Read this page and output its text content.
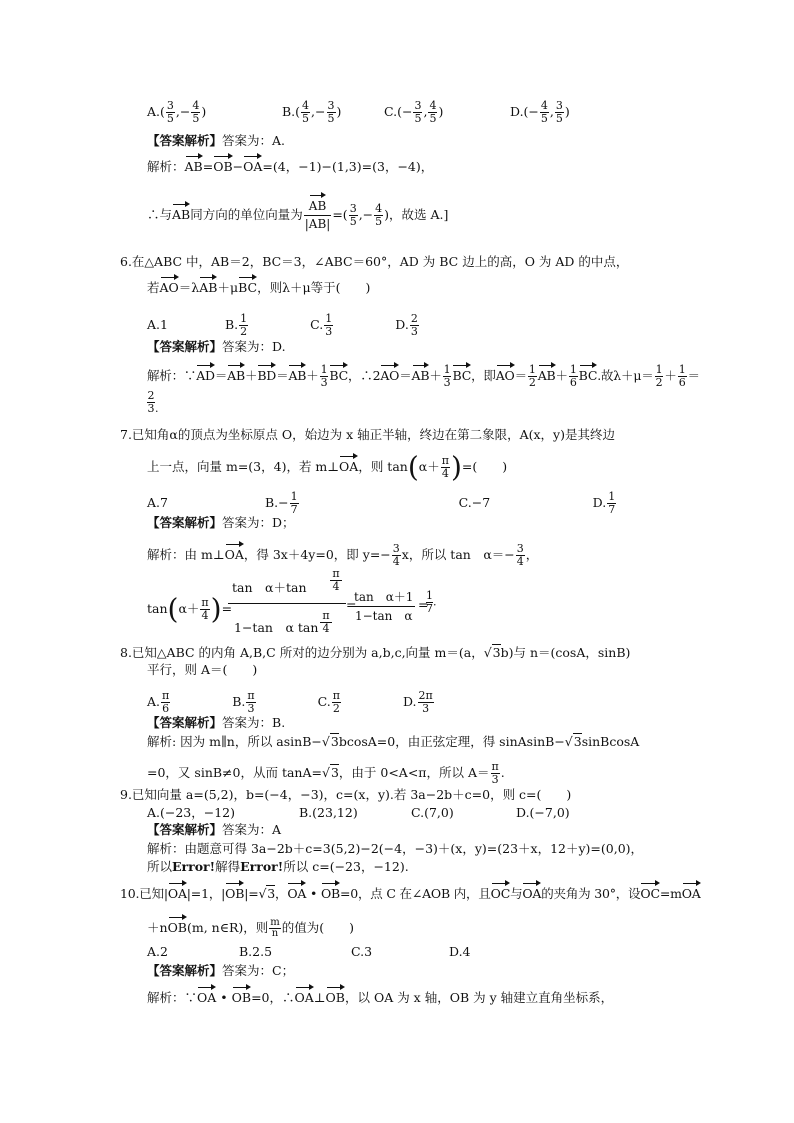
$A.( \frac{3}{5}$ ,− $\frac{4}{5}$ )	$B.( \frac{4}{5}$ ,− $\frac{3}{5}$ )	$C.(- \frac{3}{5}$ , $\frac{4}{5}$ )	$D.(- \frac{4}{5}$ , $\frac{3}{5}$ )
【答案解析】答案为：A.
解析：AB=OB−OA=(4，−1)−(1,3)=(3，−4)，
∴与AB同方向的单位向量为 $\frac{AB}{|AB|}$ =( $\frac{3}{5}$ ,− $\frac{4}{5}$ )，故选 A.]
6.在△ABC 中，AB＝2，BC＝3，∠ABC＝60°，AD 为 BC 边上的高，O 为 AD 的中点，
若AO＝λAB＋μBC，则λ＋μ等于(　　)
A.1	B. $\frac{1}{2}$	C. $\frac{1}{3}$	D. $\frac{2}{3}$
【答案解析】答案为：D.
解析：∵AD＝AB＋BD＝AB＋ $\frac{1}{3}$ BC，∴2AO＝AB＋ $\frac{1}{3}$ BC，即$AO= \frac{1}{2} AB+ \frac{1}{6}$ BC.故$\lambda+\mu= \frac{1}{2} + \frac{1}{6}$ ＝
2
3.
7.已知角α的顶点为坐标原点 O，始边为 x 轴正半轴，终边在第二象限，A(x，y)是其终边
上一点，向量 m=(3，4)，若 m⊥OA，则 $\tan(\alpha+ \frac{\pi}{4}$ )=(　　)
A.7	$B.- \frac{1}{7}$	C.−7	D. $\frac{1}{7}$
【答案解析】答案为：D；
解析：由 m⊥OA，得 3x＋4y=0，即 $y=- \frac{3}{4}$ x，所以 tan　$\alpha=- \frac{3}{4}$ ，
$\tan(\alpha+ \frac{\pi}{4}$ )=
tan　α＋tan
π
4
1−tan　α tan
π
4
=
tan　α＋1
1−tan　α
=
$\frac{1}{7}$.
8.已知△ABC 的内角 A,B,C 所对的边分别为 a,b,c,向量 m＝(a，√3b)与 n＝(cosA，sinB)
平行，则 A＝(　　)
A. $\frac{\pi}{6}$	B. $\frac{\pi}{3}$	C. $\frac{\pi}{2}$	D. $\frac{2\pi}{3}$
【答案解析】答案为：B.
解析: 因为 m∥n，所以 asinB−√3bcosA=0，由正弦定理，得 sinAsinB−√3sinBcosA
=0，又 sinB≠0，从而 tanA=√3，由于 0<A<π，所以 $A= \frac{\pi}{3}$ .
9.已知向量 a=(5,2)，b=(−4，−3)，c=(x，y).若 3a−2b＋c=0，则 c=(　　)
A.(−23，−12)	B.(23,12)	C.(7,0)	D.(−7,0)
【答案解析】答案为：A
解析：由题意可得 3a−2b＋c=3(5,2)−2(−4，−3)＋(x，y)=(23＋x，12＋y)=(0,0)，
所以Error!解得Error!所以 c=(−23，−12).
10.已知|OA|=1，|OB|=√3，OA • OB=0，点 C 在∠AOB 内，且OC与OA的夹角为 30°，设OC=mOA
＋nOB(m, n∈R)，则 $\frac{m}{n}$ 的值为(　　)
A.2	B.2.5	C.3	D.4
【答案解析】答案为：C；
解析：∵OA • OB=0，∴OA⊥OB，以 OA 为 x 轴，OB 为 y 轴建立直角坐标系，
